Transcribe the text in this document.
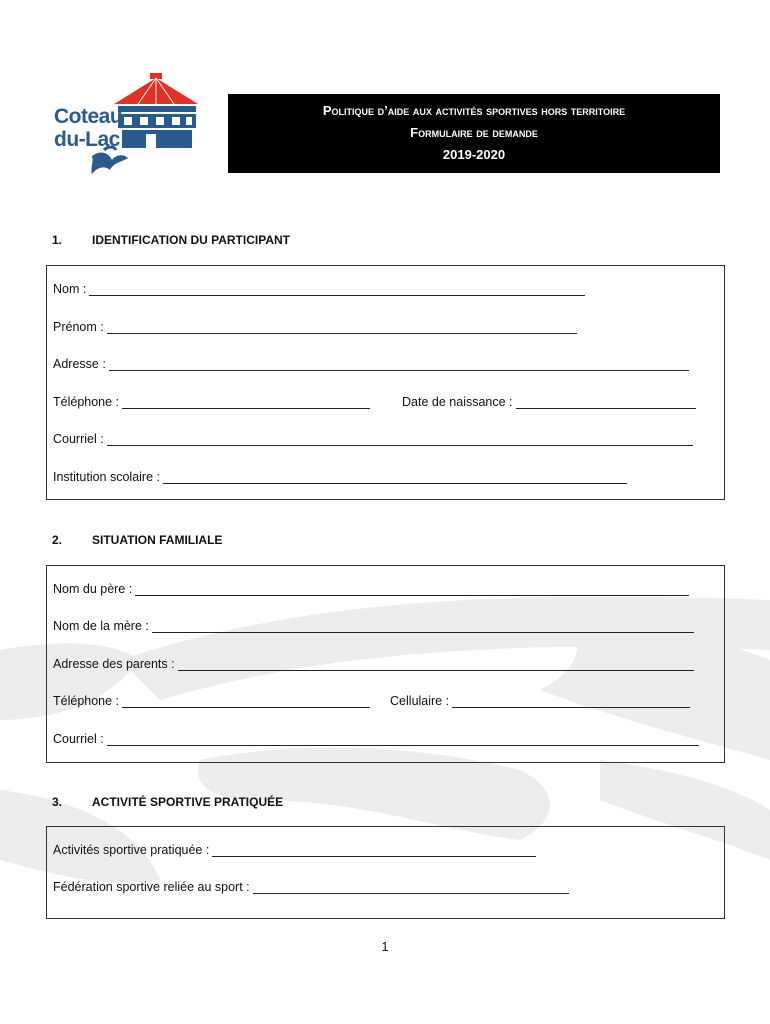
Coteau
du-Lac
Politique d’aide aux activités sportives hors territoire
Formulaire de demande
2019-2020
1. IDENTIFICATION DU PARTICIPANT
Nom :
Prénom :
Adresse :
Téléphone :	Date de naissance :
Courriel :
Institution scolaire :
2. SITUATION FAMILIALE
Nom du père :
Nom de la mère :
Adresse des parents :
Téléphone :	Cellulaire :
Courriel :
3. ACTIVITÉ SPORTIVE PRATIQUÉE
Activités sportive pratiquée :
Fédération sportive reliée au sport :
1
